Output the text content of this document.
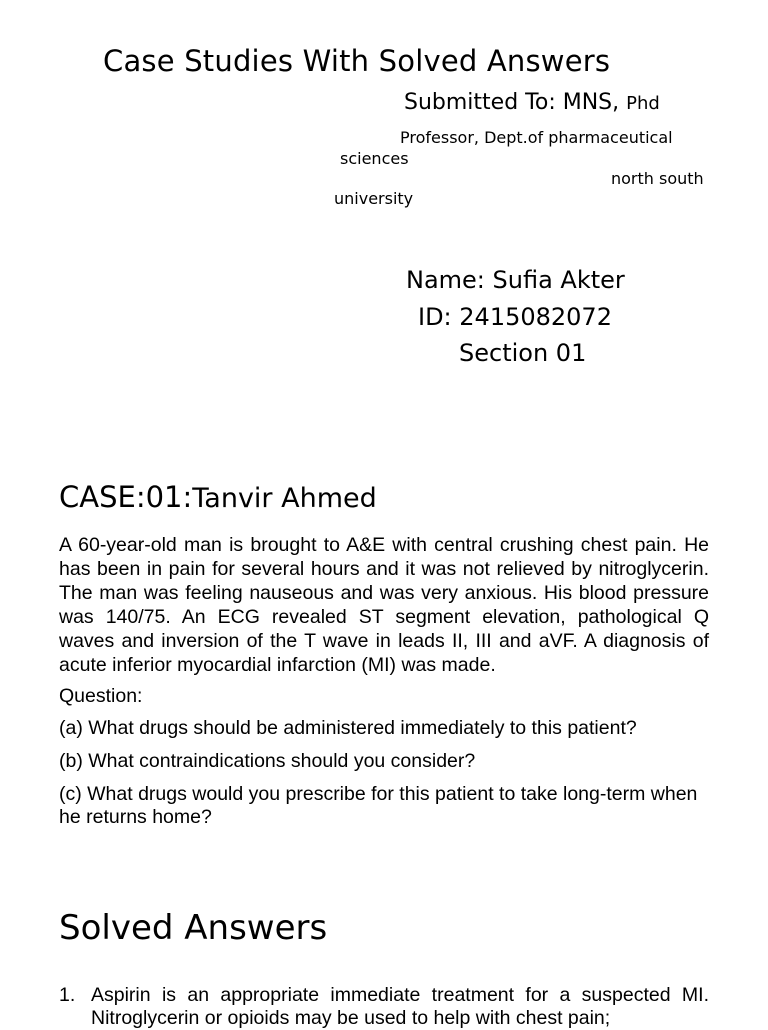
Case Studies With Solved Answers
Submitted To: MNS, Phd
Professor, Dept.of pharmaceutical
sciences
north south
university
Name: Sufia Akter
ID: 2415082072
Section 01
CASE:01:Tanvir Ahmed

A 60-year-old man is brought to A&E with central crushing chest pain. He has been in pain for several hours and it was not relieved by nitroglycerin. The man was feeling nauseous and was very anxious. His blood pressure was 140/75. An ECG revealed ST segment elevation, pathological Q waves and inversion of the T wave in leads II, III and aVF. A diagnosis of acute inferior myocardial infarction (MI) was made.

Question:

(a) What drugs should be administered immediately to this patient?

(b) What contraindications should you consider?

(c) What drugs would you prescribe for this patient to take long-term when he returns home?

Solved Answers
1. Aspirin is an appropriate immediate treatment for a suspected MI. Nitroglycerin or opioids may be used to help with chest pain;
